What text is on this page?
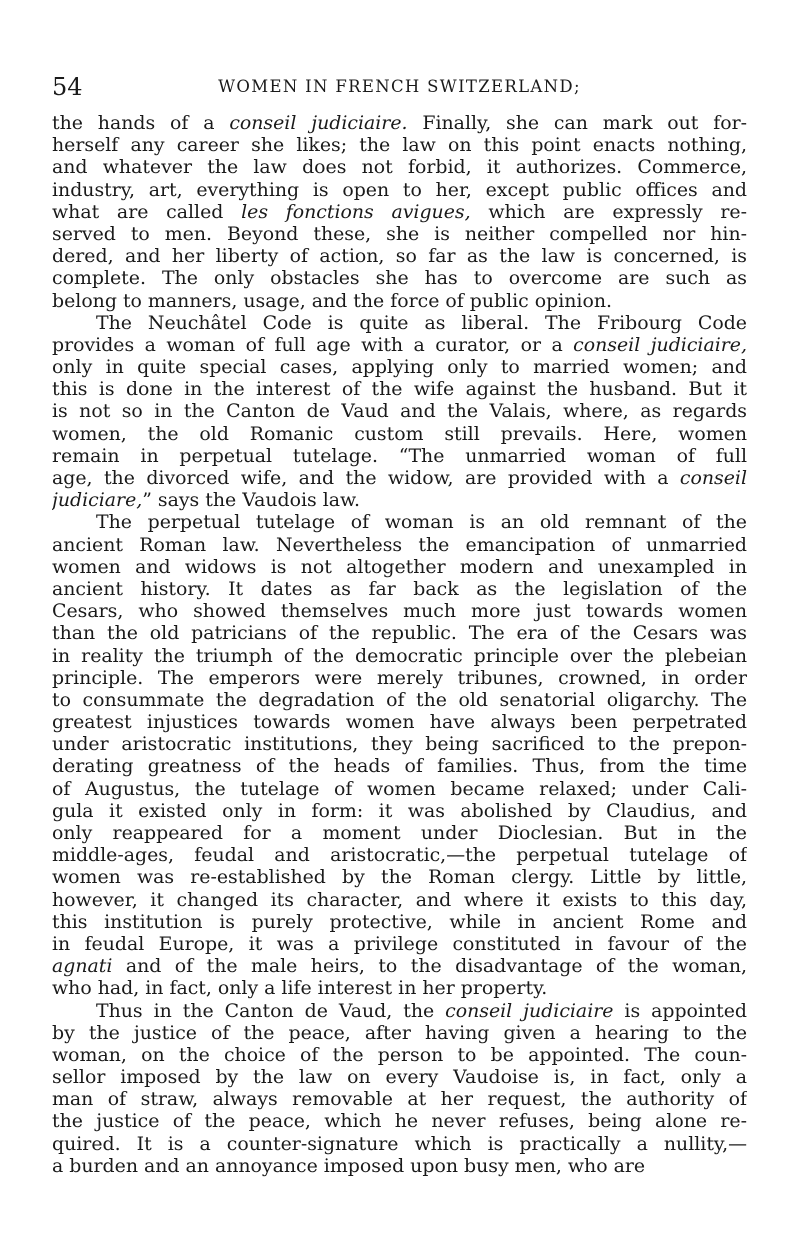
54	WOMEN IN FRENCH SWITZERLAND;
the hands of a conseil judiciaire. Finally, she can mark out for-
herself any career she likes; the law on this point enacts nothing,
and whatever the law does not forbid, it authorizes. Commerce,
industry, art, everything is open to her, except public offices and
what are called les fonctions avigues, which are expressly re-
served to men. Beyond these, she is neither compelled nor hin-
dered, and her liberty of action, so far as the law is concerned, is
complete. The only obstacles she has to overcome are such as
belong to manners, usage, and the force of public opinion.
The Neuchâtel Code is quite as liberal. The Fribourg Code
provides a woman of full age with a curator, or a conseil judiciaire,
only in quite special cases, applying only to married women; and
this is done in the interest of the wife against the husband. But it
is not so in the Canton de Vaud and the Valais, where, as regards
women, the old Romanic custom still prevails. Here, women
remain in perpetual tutelage. “The unmarried woman of full
age, the divorced wife, and the widow, are provided with a conseil
judiciare,” says the Vaudois law.
The perpetual tutelage of woman is an old remnant of the
ancient Roman law. Nevertheless the emancipation of unmarried
women and widows is not altogether modern and unexampled in
ancient history. It dates as far back as the legislation of the
Cesars, who showed themselves much more just towards women
than the old patricians of the republic. The era of the Cesars was
in reality the triumph of the democratic principle over the plebeian
principle. The emperors were merely tribunes, crowned, in order
to consummate the degradation of the old senatorial oligarchy. The
greatest injustices towards women have always been perpetrated
under aristocratic institutions, they being sacrificed to the prepon-
derating greatness of the heads of families. Thus, from the time
of Augustus, the tutelage of women became relaxed; under Cali-
gula it existed only in form: it was abolished by Claudius, and
only reappeared for a moment under Dioclesian. But in the
middle-ages, feudal and aristocratic,—the perpetual tutelage of
women was re-established by the Roman clergy. Little by little,
however, it changed its character, and where it exists to this day,
this institution is purely protective, while in ancient Rome and
in feudal Europe, it was a privilege constituted in favour of the
agnati and of the male heirs, to the disadvantage of the woman,
who had, in fact, only a life interest in her property.
Thus in the Canton de Vaud, the conseil judiciaire is appointed
by the justice of the peace, after having given a hearing to the
woman, on the choice of the person to be appointed. The coun-
sellor imposed by the law on every Vaudoise is, in fact, only a
man of straw, always removable at her request, the authority of
the justice of the peace, which he never refuses, being alone re-
quired. It is a counter-signature which is practically a nullity,—
a burden and an annoyance imposed upon busy men, who are
